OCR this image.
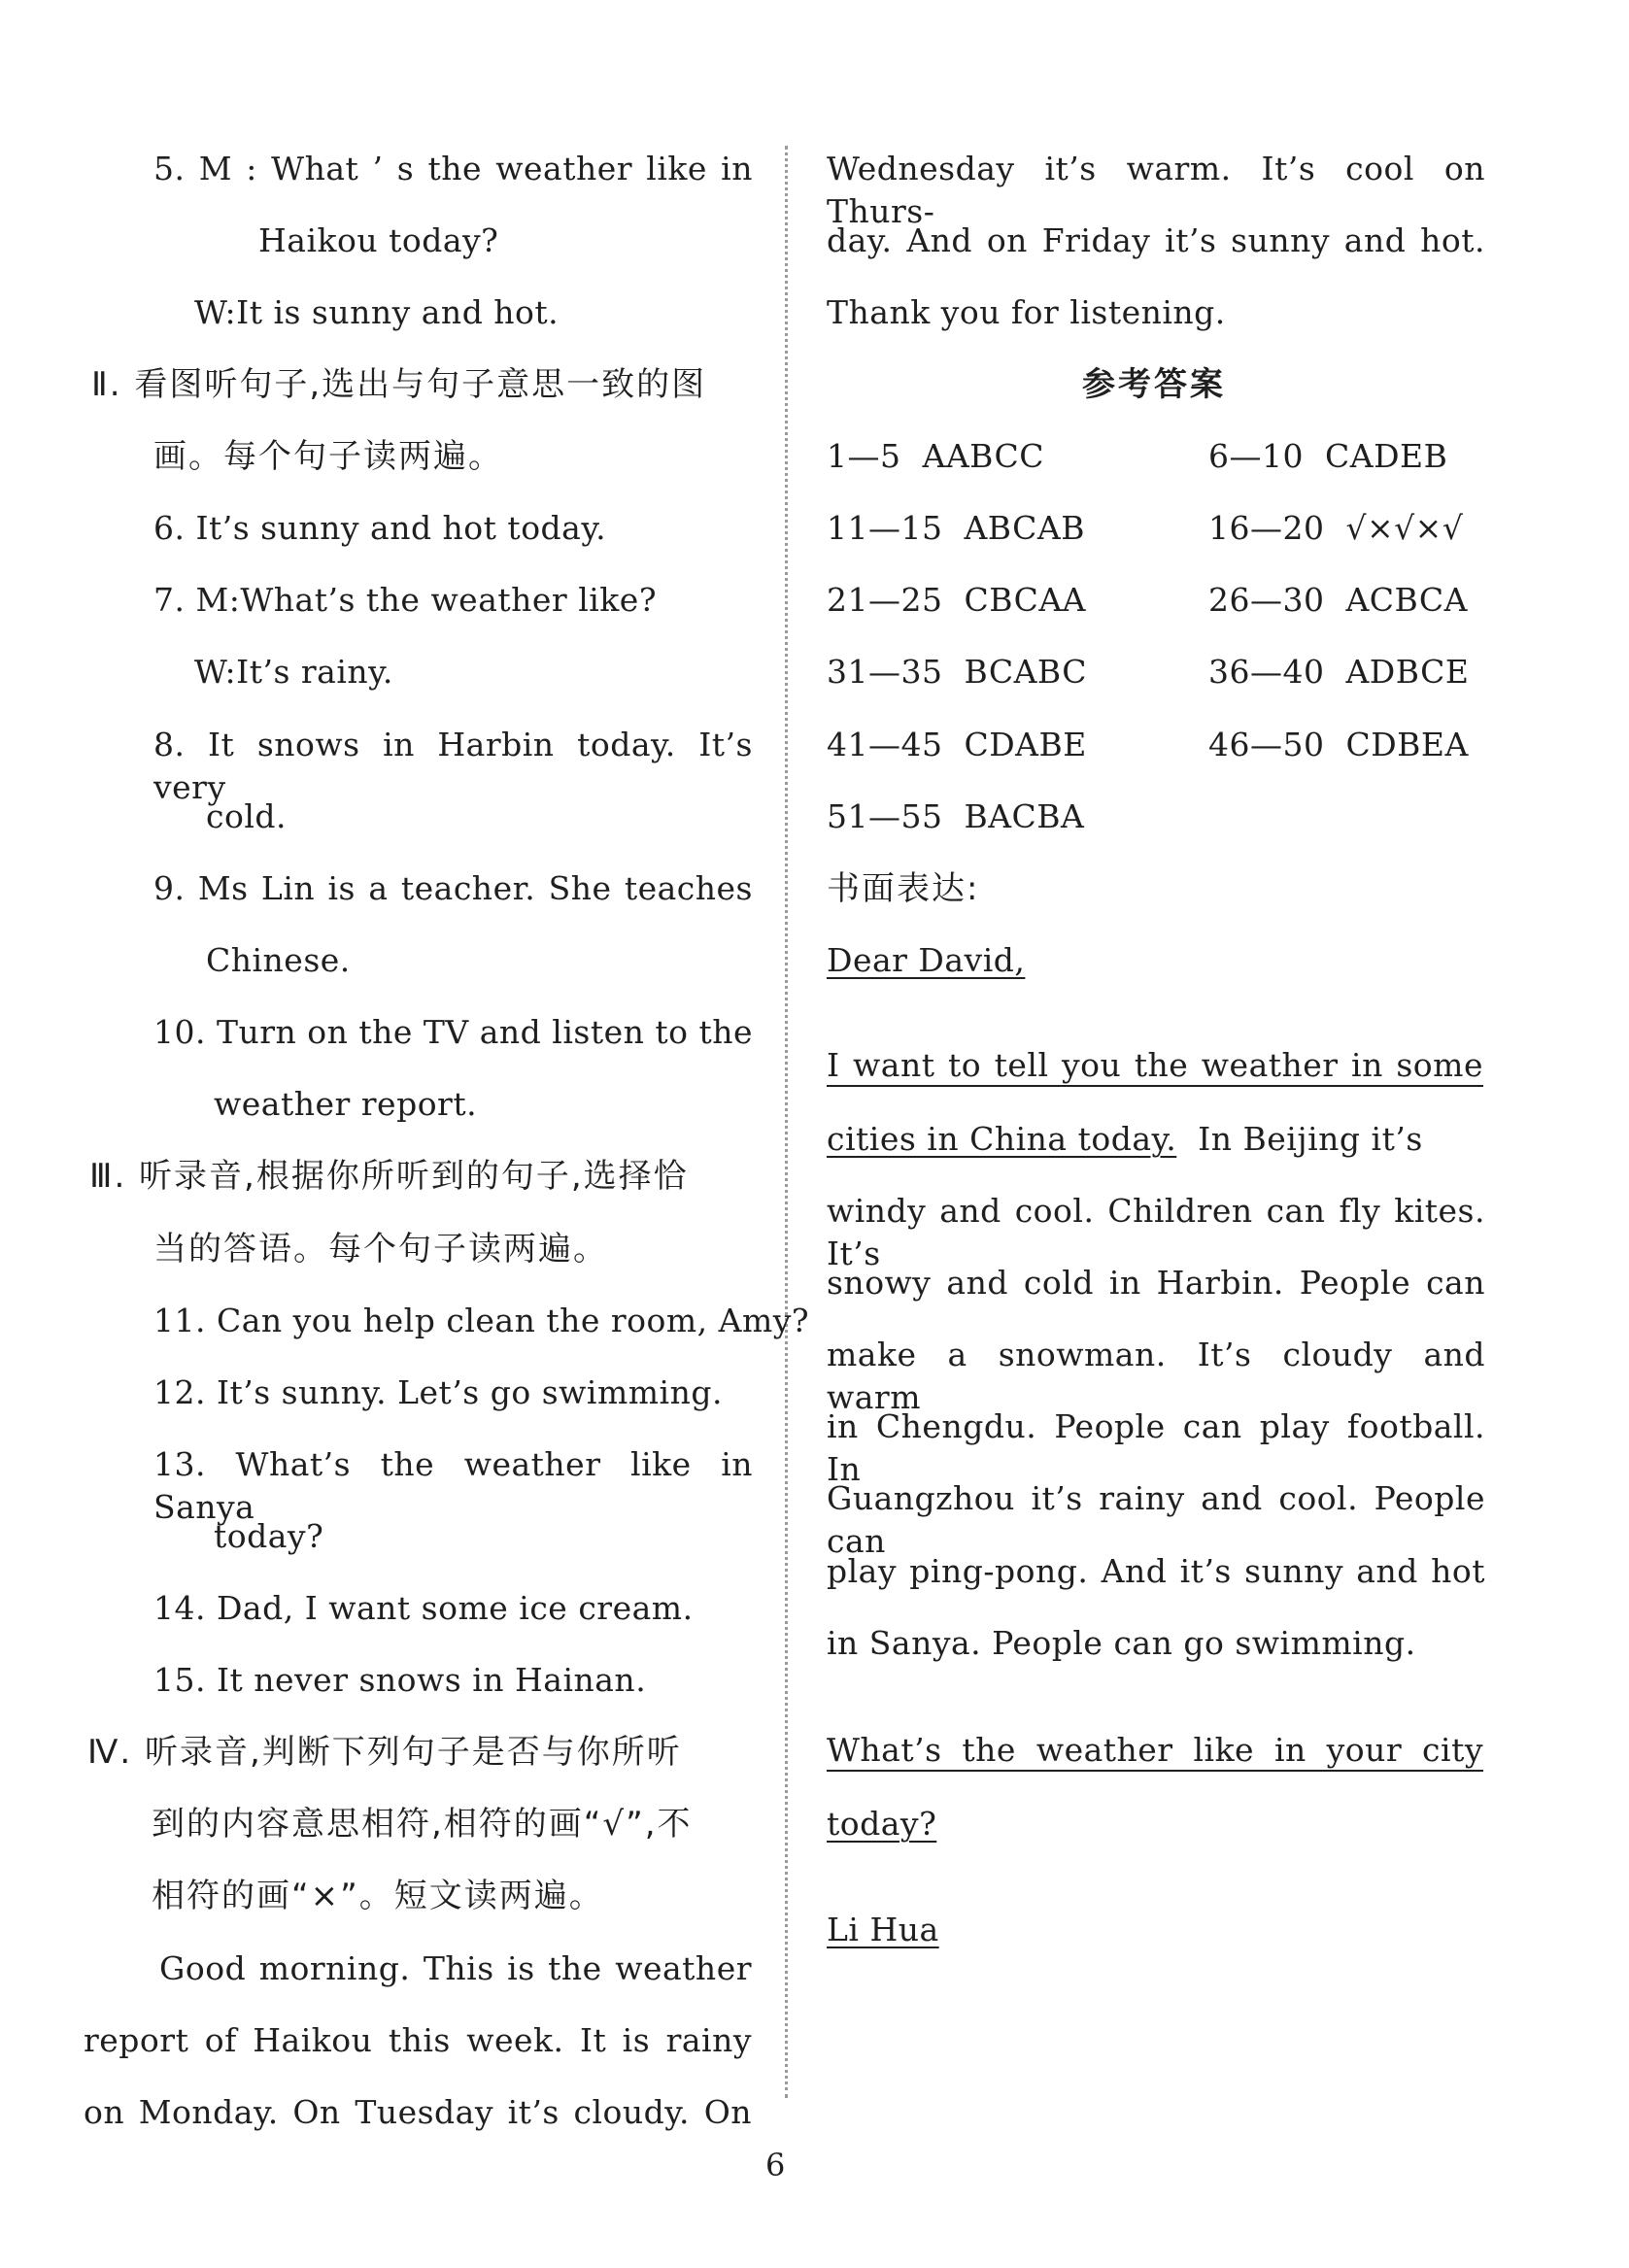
5. M : What ’ s the weather like in
Haikou today?
W:It is sunny and hot.
Ⅱ. 看图听句子,选出与句子意思一致的图
画。每个句子读两遍。
6. It’s sunny and hot today.
7. M:What’s the weather like?
W:It’s rainy.
8. It snows in Harbin today. It’s very
cold.
9. Ms Lin is a teacher. She teaches
Chinese.
10. Turn on the TV and listen to the
weather report.
Ⅲ. 听录音,根据你所听到的句子,选择恰
当的答语。每个句子读两遍。
11. Can you help clean the room, Amy?
12. It’s sunny. Let’s go swimming.
13. What’s the weather like in Sanya
today?
14. Dad, I want some ice cream.
15. It never snows in Hainan.
Ⅳ. 听录音,判断下列句子是否与你所听
到的内容意思相符,相符的画“√”,不
相符的画“×”。短文读两遍。
Good morning. This is the weather
report of Haikou this week. It is rainy
on Monday. On Tuesday it’s cloudy. On
Wednesday it’s warm. It’s cool on Thurs-
day. And on Friday it’s sunny and hot.
Thank you for listening.
参考答案
1—5 AABCC	6—10 CADEB
11—15 ABCAB	16—20 √×√×√
21—25 CBCAA	26—30 ACBCA
31—35 BCABC	36—40 ADBCE
41—45 CDABE	46—50 CDBEA
51—55 BACBA
书面表达:
Dear David,
I want to tell you the weather in some
cities in China today. In Beijing it’s
windy and cool. Children can fly kites. It’s
snowy and cold in Harbin. People can
make a snowman. It’s cloudy and warm
in Chengdu. People can play football. In
Guangzhou it’s rainy and cool. People can
play ping-pong. And it’s sunny and hot
in Sanya. People can go swimming.
What’s the weather like in your city
today?
Li Hua
6
